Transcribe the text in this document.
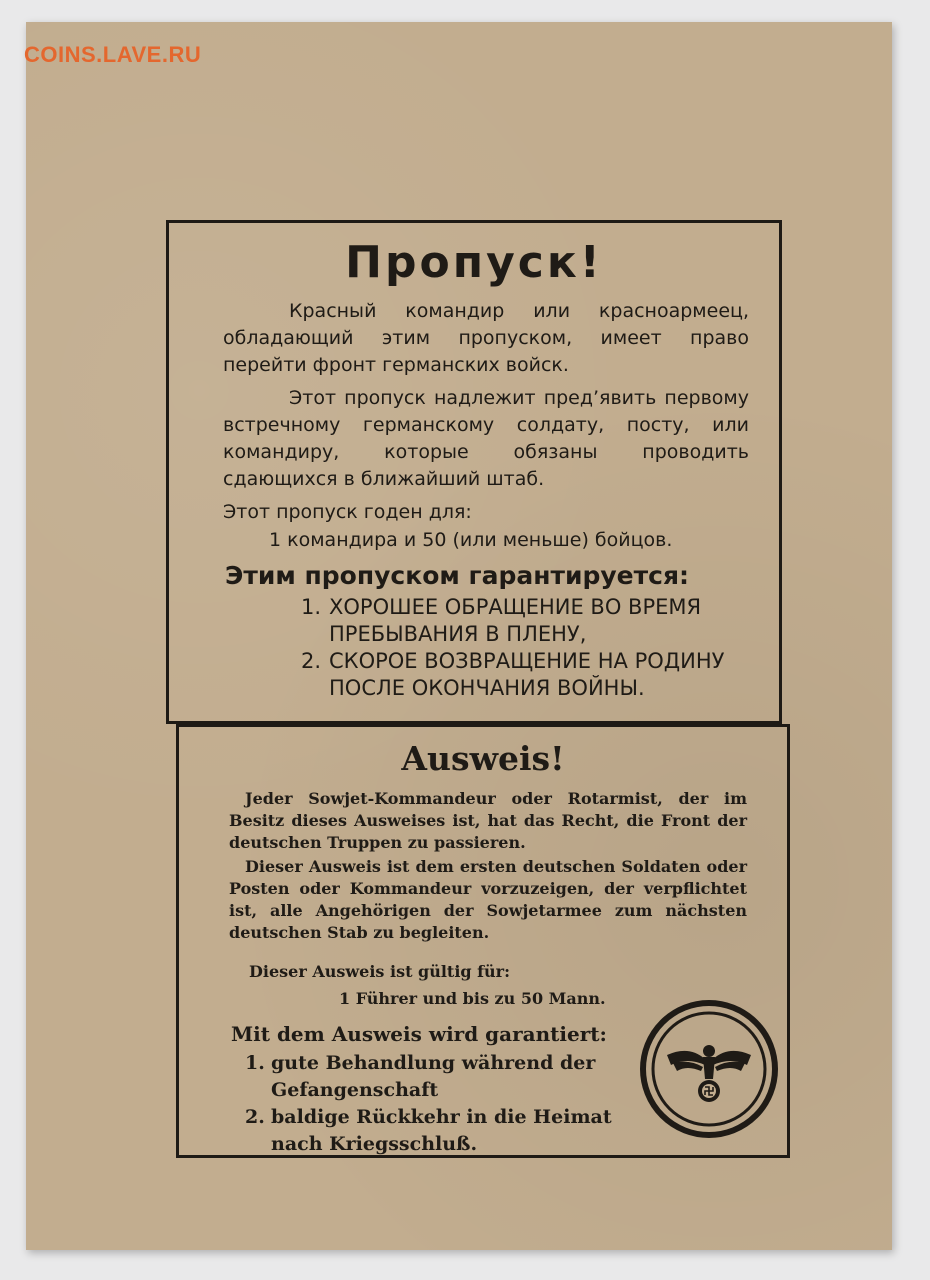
COINS.LAVE.RU
Пропуск!

Красный командир или красноармеец, обладающий этим пропуском, имеет право перейти фронт германских войск.

Этот пропуск надлежит пред’явить первому встречному германскому солдату, посту, или командиру, которые обязаны проводить сдающихся в ближайший штаб.

Этот пропуск годен для:
1 командира и 50 (или меньше) бойцов.
Этим пропуском гарантируется:
1. ХОРОШЕЕ ОБРАЩЕНИЕ ВО ВРЕМЯ ПРЕБЫВАНИЯ В ПЛЕНУ,
2. СКОРОЕ ВОЗВРАЩЕНИЕ НА РОДИНУ ПОСЛЕ ОКОНЧАНИЯ ВОЙНЫ.
Ausweis!

Jeder Sowjet-Kommandeur oder Rotarmist, der im Besitz dieses Ausweises ist, hat das Recht, die Front der deutschen Truppen zu passieren.

Dieser Ausweis ist dem ersten deutschen Soldaten oder Posten oder Kommandeur vorzuzeigen, der verpflichtet ist, alle Angehörigen der Sowjetarmee zum nächsten deutschen Stab zu begleiten.

Dieser Ausweis ist gültig für:
1 Führer und bis zu 50 Mann.
Mit dem Ausweis wird garantiert:
1. gute Behandlung während der Gefangenschaft
2. baldige Rückkehr in die Heimat nach Kriegsschluß.
